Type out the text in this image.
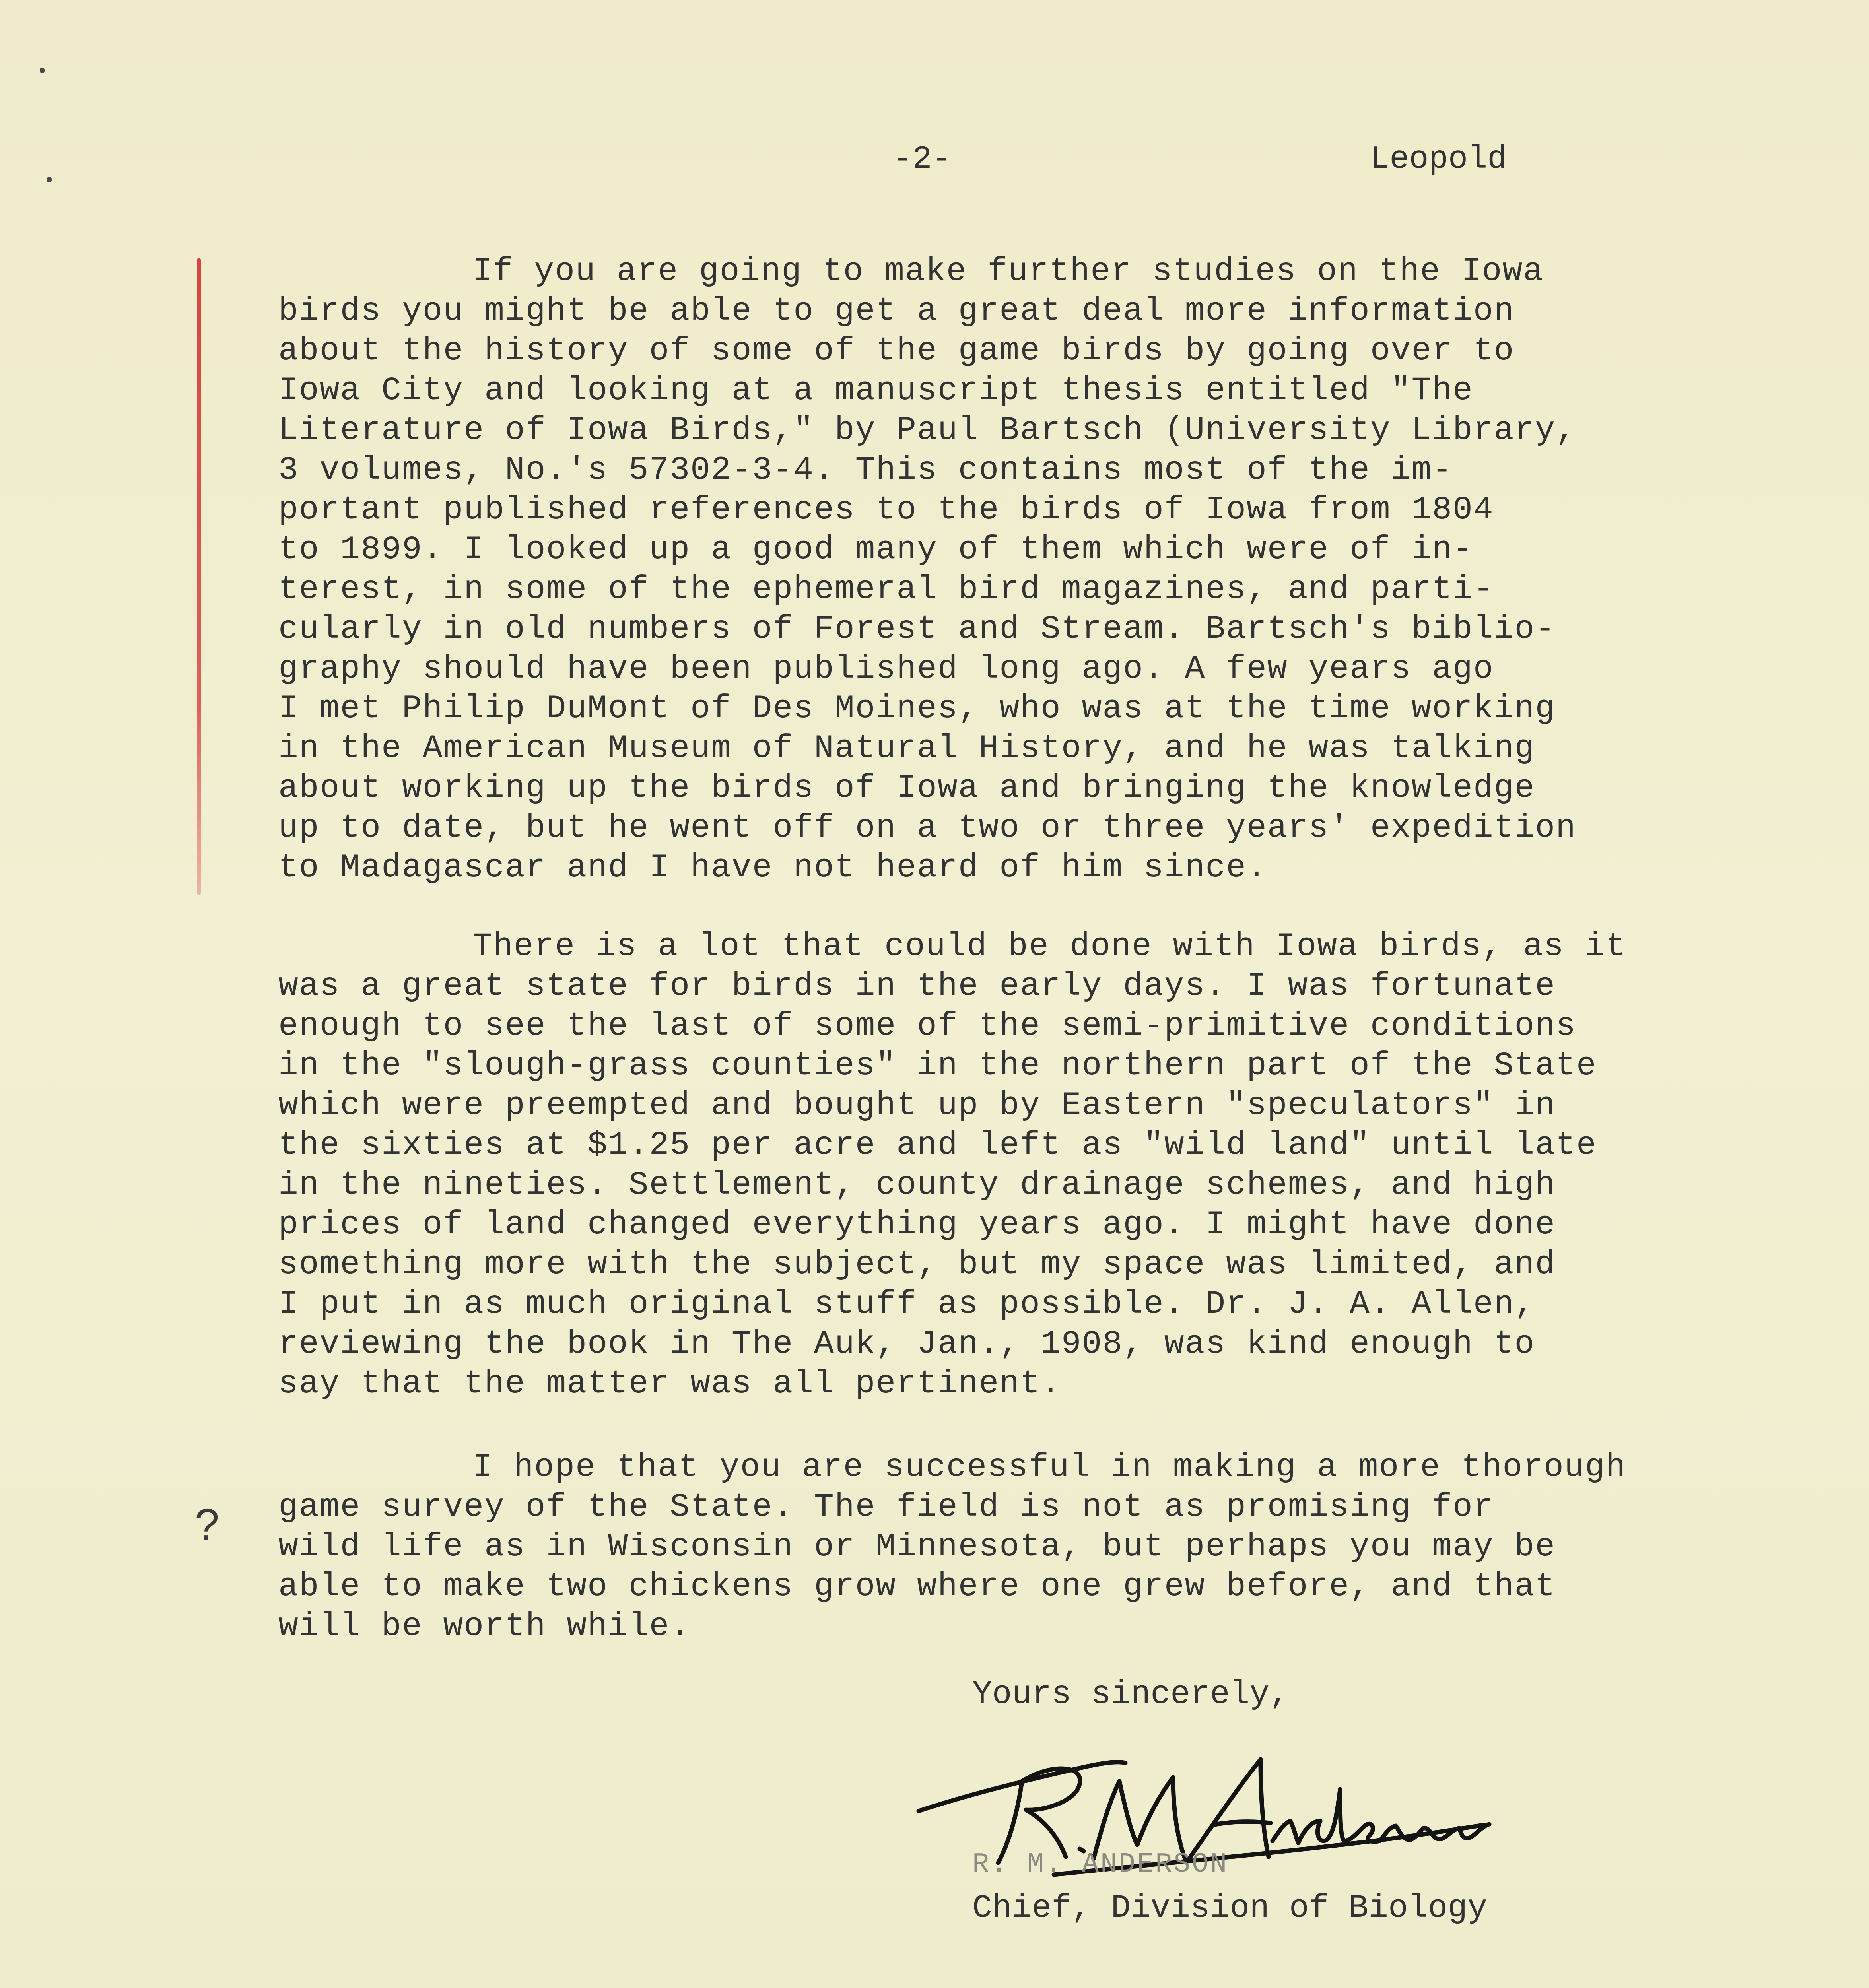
-2-	Leopold
If you are going to make further studies on the Iowa
birds you might be able to get a great deal more information
about the history of some of the game birds by going over to
Iowa City and looking at a manuscript thesis entitled "The
Literature of Iowa Birds," by Paul Bartsch (University Library,
3 volumes, No.'s 57302-3-4. This contains most of the im-
portant published references to the birds of Iowa from 1804
to 1899. I looked up a good many of them which were of in-
terest, in some of the ephemeral bird magazines, and parti-
cularly in old numbers of Forest and Stream. Bartsch's biblio-
graphy should have been published long ago. A few years ago
I met Philip DuMont of Des Moines, who was at the time working
in the American Museum of Natural History, and he was talking
about working up the birds of Iowa and bringing the knowledge
up to date, but he went off on a two or three years' expedition
to Madagascar and I have not heard of him since.
There is a lot that could be done with Iowa birds, as it
was a great state for birds in the early days. I was fortunate
enough to see the last of some of the semi-primitive conditions
in the "slough-grass counties" in the northern part of the State
which were preempted and bought up by Eastern "speculators" in
the sixties at $1.25 per acre and left as "wild land" until late
in the nineties. Settlement, county drainage schemes, and high
prices of land changed everything years ago. I might have done
something more with the subject, but my space was limited, and
I put in as much original stuff as possible. Dr. J. A. Allen,
reviewing the book in The Auk, Jan., 1908, was kind enough to
say that the matter was all pertinent.
?
I hope that you are successful in making a more thorough
game survey of the State. The field is not as promising for
wild life as in Wisconsin or Minnesota, but perhaps you may be
able to make two chickens grow where one grew before, and that
will be worth while.
Yours sincerely,
R. M. ANDERSON
Chief, Division of Biology
